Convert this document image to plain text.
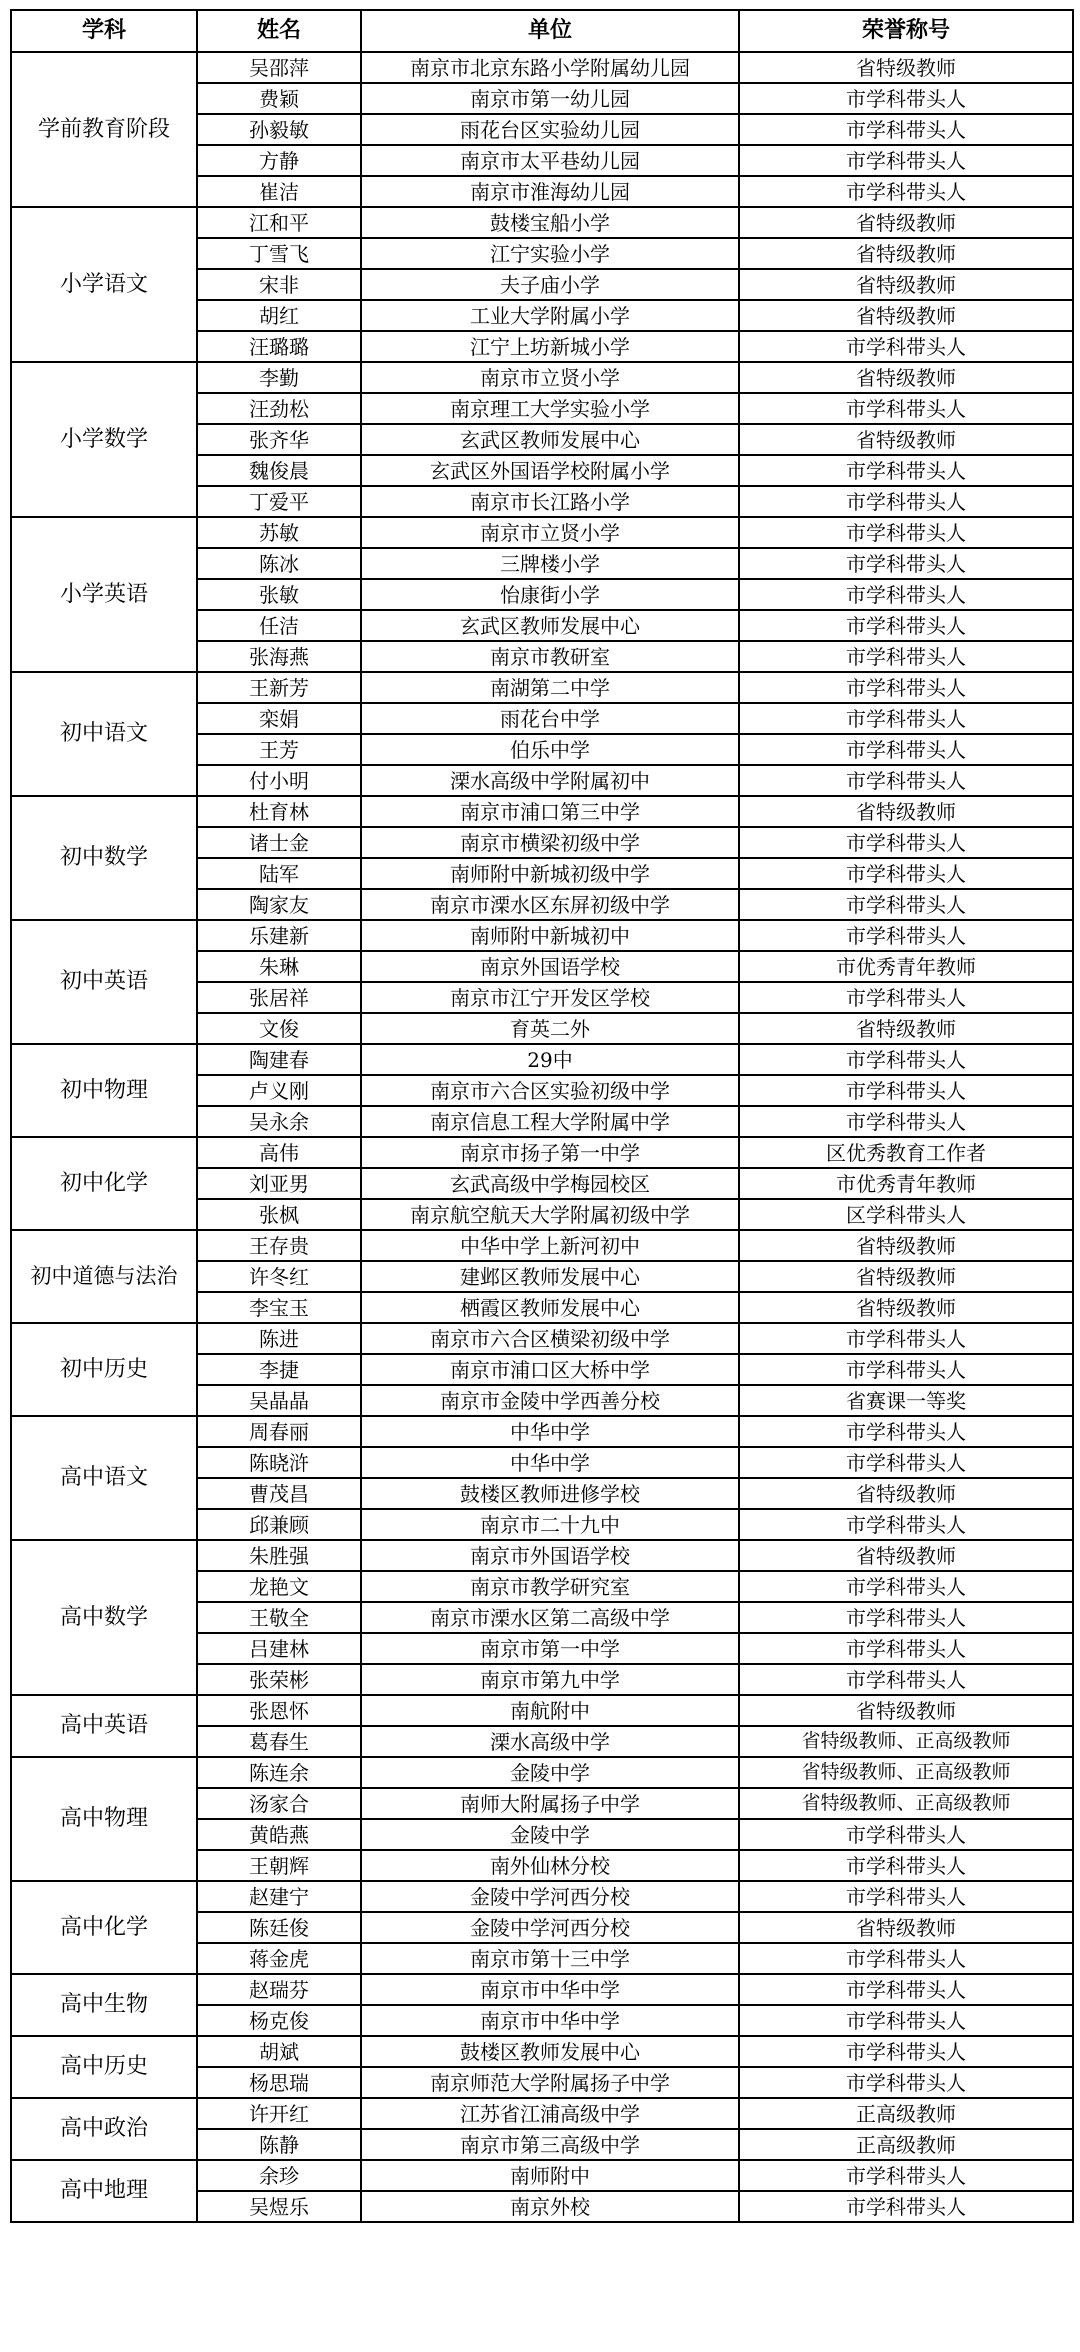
学科	姓名	单位	荣誉称号
学前教育阶段	吴邵萍	南京市北京东路小学附属幼儿园	省特级教师
	费颖	南京市第一幼儿园	市学科带头人
	孙毅敏	雨花台区实验幼儿园	市学科带头人
	方静	南京市太平巷幼儿园	市学科带头人
	崔洁	南京市淮海幼儿园	市学科带头人
小学语文	江和平	鼓楼宝船小学	省特级教师
	丁雪飞	江宁实验小学	省特级教师
	宋非	夫子庙小学	省特级教师
	胡红	工业大学附属小学	省特级教师
	汪璐璐	江宁上坊新城小学	市学科带头人
小学数学	李勤	南京市立贤小学	省特级教师
	汪劲松	南京理工大学实验小学	市学科带头人
	张齐华	玄武区教师发展中心	省特级教师
	魏俊晨	玄武区外国语学校附属小学	市学科带头人
	丁爱平	南京市长江路小学	市学科带头人
小学英语	苏敏	南京市立贤小学	市学科带头人
	陈冰	三牌楼小学	市学科带头人
	张敏	怡康街小学	市学科带头人
	任洁	玄武区教师发展中心	市学科带头人
	张海燕	南京市教研室	市学科带头人
初中语文	王新芳	南湖第二中学	市学科带头人
	栾娟	雨花台中学	市学科带头人
	王芳	伯乐中学	市学科带头人
	付小明	溧水高级中学附属初中	市学科带头人
初中数学	杜育林	南京市浦口第三中学	省特级教师
	诸士金	南京市横梁初级中学	市学科带头人
	陆军	南师附中新城初级中学	市学科带头人
	陶家友	南京市溧水区东屏初级中学	市学科带头人
初中英语	乐建新	南师附中新城初中	市学科带头人
	朱琳	南京外国语学校	市优秀青年教师
	张居祥	南京市江宁开发区学校	市学科带头人
	文俊	育英二外	省特级教师
初中物理	陶建春	29中	市学科带头人
	卢义刚	南京市六合区实验初级中学	市学科带头人
	吴永余	南京信息工程大学附属中学	市学科带头人
初中化学	高伟	南京市扬子第一中学	区优秀教育工作者
	刘亚男	玄武高级中学梅园校区	市优秀青年教师
	张枫	南京航空航天大学附属初级中学	区学科带头人
初中道德与法治	王存贵	中华中学上新河初中	省特级教师
	许冬红	建邺区教师发展中心	省特级教师
	李宝玉	栖霞区教师发展中心	省特级教师
初中历史	陈进	南京市六合区横梁初级中学	市学科带头人
	李捷	南京市浦口区大桥中学	市学科带头人
	吴晶晶	南京市金陵中学西善分校	省赛课一等奖
高中语文	周春丽	中华中学	市学科带头人
	陈晓浒	中华中学	市学科带头人
	曹茂昌	鼓楼区教师进修学校	省特级教师
	邱兼顾	南京市二十九中	市学科带头人
高中数学	朱胜强	南京市外国语学校	省特级教师
	龙艳文	南京市教学研究室	市学科带头人
	王敬全	南京市溧水区第二高级中学	市学科带头人
	吕建林	南京市第一中学	市学科带头人
	张荣彬	南京市第九中学	市学科带头人
高中英语	张恩怀	南航附中	省特级教师
	葛春生	溧水高级中学	省特级教师、正高级教师
高中物理	陈连余	金陵中学	省特级教师、正高级教师
	汤家合	南师大附属扬子中学	省特级教师、正高级教师
	黄皓燕	金陵中学	市学科带头人
	王朝辉	南外仙林分校	市学科带头人
高中化学	赵建宁	金陵中学河西分校	市学科带头人
	陈廷俊	金陵中学河西分校	省特级教师
	蒋金虎	南京市第十三中学	市学科带头人
高中生物	赵瑞芬	南京市中华中学	市学科带头人
	杨克俊	南京市中华中学	市学科带头人
高中历史	胡斌	鼓楼区教师发展中心	市学科带头人
	杨思瑞	南京师范大学附属扬子中学	市学科带头人
高中政治	许开红	江苏省江浦高级中学	正高级教师
	陈静	南京市第三高级中学	正高级教师
高中地理	余珍	南师附中	市学科带头人
	吴煜乐	南京外校	市学科带头人
